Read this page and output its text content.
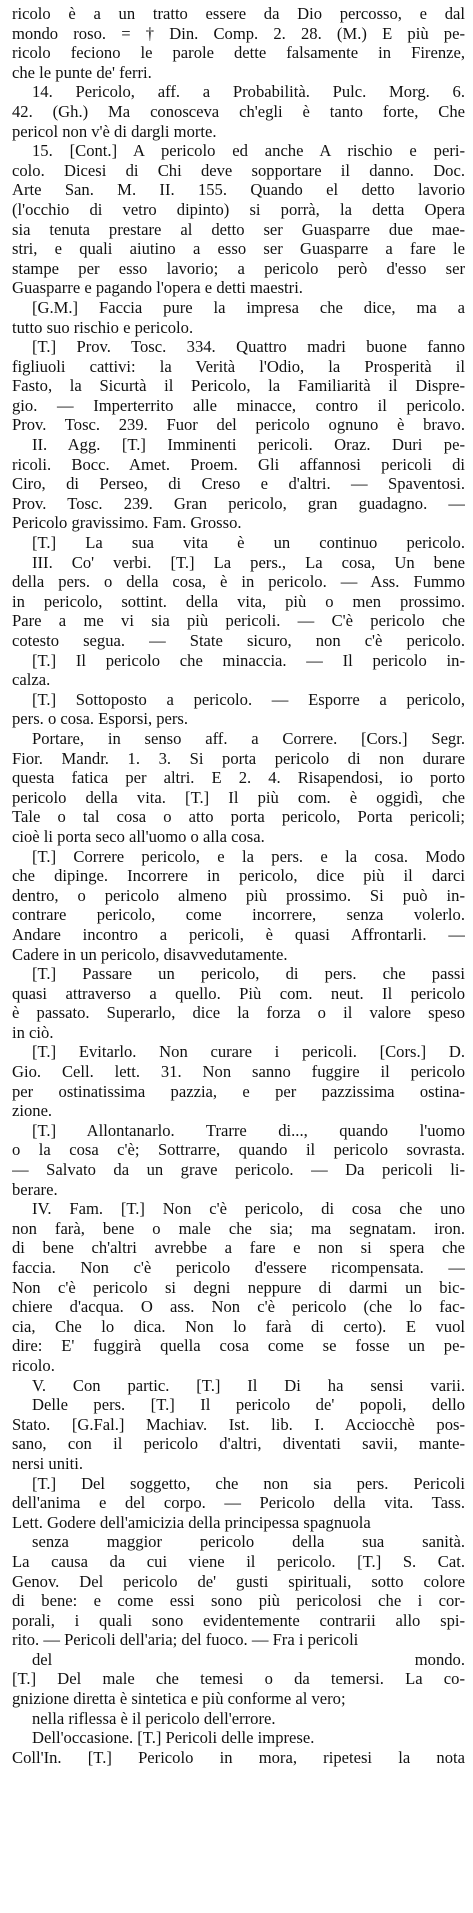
ricolo è a un tratto essere da Dio percosso, e dal
mondo roso. = † Din. Comp. 2. 28. (M.) E più pe-
ricolo feciono le parole dette falsamente in Firenze,
che le punte de' ferri.
14. Pericolo, aff. a Probabilità. Pulc. Morg. 6.
42. (Gh.) Ma conosceva ch'egli è tanto forte, Che
pericol non v'è di dargli morte.
15. [Cont.] A pericolo ed anche A rischio e peri-
colo. Dicesi di Chi deve sopportare il danno. Doc.
Arte San. M. II. 155. Quando el detto lavorio
(l'occhio di vetro dipinto) si porrà, la detta Opera
sia tenuta prestare al detto ser Guasparre due mae-
stri, e quali aiutino a esso ser Guasparre a fare le
stampe per esso lavorio; a pericolo però d'esso ser
Guasparre e pagando l'opera e detti maestri.
[G.M.] Faccia pure la impresa che dice, ma a
tutto suo rischio e pericolo.
[T.] Prov. Tosc. 334. Quattro madri buone fanno
figliuoli cattivi: la Verità l'Odio, la Prosperità il
Fasto, la Sicurtà il Pericolo, la Familiarità il Dispre-
gio. — Imperterrito alle minacce, contro il pericolo.
Prov. Tosc. 239. Fuor del pericolo ognuno è bravo.
II. Agg. [T.] Imminenti pericoli. Oraz. Duri pe-
ricoli. Bocc. Amet. Proem. Gli affannosi pericoli di
Ciro, di Perseo, di Creso e d'altri. — Spaventosi.
Prov. Tosc. 239. Gran pericolo, gran guadagno. —
Pericolo gravissimo. Fam. Grosso.
[T.] La sua vita è un continuo pericolo.
III. Co' verbi. [T.] La pers., La cosa, Un bene
della pers. o della cosa, è in pericolo. — Ass. Fummo
in pericolo, sottint. della vita, più o men prossimo.
Pare a me vi sia più pericoli. — C'è pericolo che
cotesto segua. — State sicuro, non c'è pericolo.
[T.] Il pericolo che minaccia. — Il pericolo in-
calza.
[T.] Sottoposto a pericolo. — Esporre a pericolo,
pers. o cosa. Esporsi, pers.
Portare, in senso aff. a Correre. [Cors.] Segr.
Fior. Mandr. 1. 3. Si porta pericolo di non durare
questa fatica per altri. E 2. 4. Risapendosi, io porto
pericolo della vita. [T.] Il più com. è oggidì, che
Tale o tal cosa o atto porta pericolo, Porta pericoli;
cioè li porta seco all'uomo o alla cosa.
[T.] Correre pericolo, e la pers. e la cosa. Modo
che dipinge. Incorrere in pericolo, dice più il darci
dentro, o pericolo almeno più prossimo. Si può in-
contrare pericolo, come incorrere, senza volerlo.
Andare incontro a pericoli, è quasi Affrontarli. —
Cadere in un pericolo, disavvedutamente.
[T.] Passare un pericolo, di pers. che passi
quasi attraverso a quello. Più com. neut. Il pericolo
è passato. Superarlo, dice la forza o il valore speso
in ciò.
[T.] Evitarlo. Non curare i pericoli. [Cors.] D.
Gio. Cell. lett. 31. Non sanno fuggire il pericolo
per ostinatissima pazzia, e per pazzissima ostina-
zione.
[T.] Allontanarlo. Trarre di..., quando l'uomo
o la cosa c'è; Sottrarre, quando il pericolo sovrasta.
— Salvato da un grave pericolo. — Da pericoli li-
berare.
IV. Fam. [T.] Non c'è pericolo, di cosa che uno
non farà, bene o male che sia; ma segnatam. iron.
di bene ch'altri avrebbe a fare e non si spera che
faccia. Non c'è pericolo d'essere ricompensata. —
Non c'è pericolo si degni neppure di darmi un bic-
chiere d'acqua. O ass. Non c'è pericolo (che lo fac-
cia, Che lo dica. Non lo farà di certo). E vuol
dire: E' fuggirà quella cosa come se fosse un pe-
ricolo.
V. Con partic. [T.] Il Di ha sensi varii.
Delle pers. [T.] Il pericolo de' popoli, dello
Stato. [G.Fal.] Machiav. Ist. lib. I. Acciocchè pos-
sano, con il pericolo d'altri, diventati savii, mante-
nersi uniti.
[T.] Del soggetto, che non sia pers. Pericoli
dell'anima e del corpo. — Pericolo della vita. Tass.
Lett. Godere dell'amicizia della principessa spagnuola
senza maggior pericolo della sua sanità.
La causa da cui viene il pericolo. [T.] S. Cat.
Genov. Del pericolo de' gusti spirituali, sotto colore
di bene: e come essi sono più pericolosi che i cor-
porali, i quali sono evidentemente contrarii allo spi-
rito. — Pericoli dell'aria; del fuoco. — Fra i pericoli
del mondo.
[T.] Del male che temesi o da temersi. La co-
gnizione diretta è sintetica e più conforme al vero;
nella riflessa è il pericolo dell'errore.
Dell'occasione. [T.] Pericoli delle imprese.
Coll'In. [T.] Pericolo in mora, ripetesi la nota
